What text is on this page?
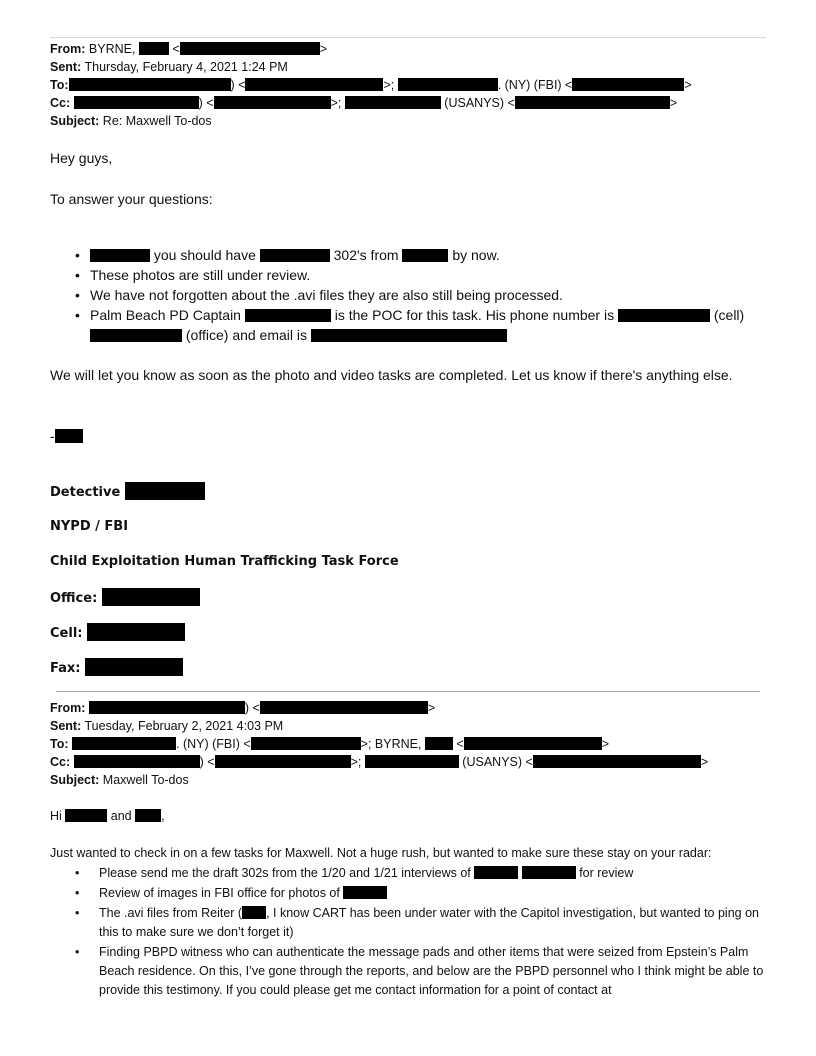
From: BYRNE,	<	>
Sent: Thursday, February 4, 2021 1:24 PM
To:	) <	>;	. (NY) (FBI) <	>
Cc:	) <	>;	(USANYS) <	>
Subject: Re: Maxwell To-dos
Hey guys,
To answer your questions:
• you should have	302's from	by now.
• These photos are still under review.
• We have not forgotten about the .avi files they are also still being processed.
• Palm Beach PD Captain	is the POC for this task. His phone number is	(cell)
(office) and email is
We will let you know as soon as the photo and video tasks are completed. Let us know if there's anything else.
-
Detective
NYPD / FBI
Child Exploitation Human Trafficking Task Force
Office:
Cell:
Fax:
From:	) <	>
Sent: Tuesday, February 2, 2021 4:03 PM
To:	. (NY) (FBI) <	>; BYRNE,	<	>
Cc:	) <	>;	(USANYS) <	>
Subject: Maxwell To-dos
Hi	and ,
Just wanted to check in on a few tasks for Maxwell. Not a huge rush, but wanted to make sure these stay on your radar:
• Please send me the draft 302s from the 1/20 and 1/21 interviews of	for review
• Review of images in FBI office for photos of
• The .avi files from Reiter ( , I know CART has been under water with the Capitol investigation, but wanted to ping on this to make sure we don’t forget it)
• Finding PBPD witness who can authenticate the message pads and other items that were seized from Epstein’s Palm Beach residence. On this, I’ve gone through the reports, and below are the PBPD personnel who I think might be able to provide this testimony. If you could please get me contact information for a point of contact at
